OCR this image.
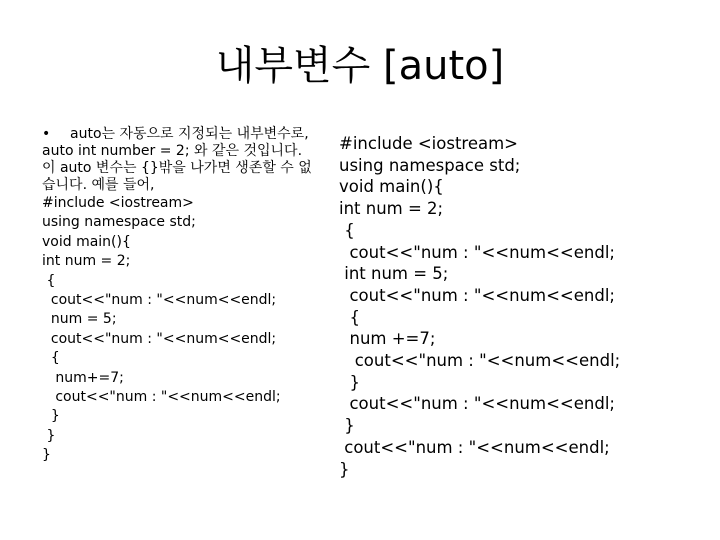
내부변수 [auto]
•	auto는 자동으로 지정되는 내부변수로,
auto int number = 2; 와 같은 것입니다.
이 auto 변수는 {}밖을 나가면 생존할 수 없습니다. 예를 들어,
#include <iostream>
using namespace std;
void main(){
int num = 2;
{
cout<<"num : "<<num<<endl;
num = 5;
cout<<"num : "<<num<<endl;
{
num+=7;
cout<<"num : "<<num<<endl;
}
}
}
#include <iostream>
using namespace std;
void main(){
int num = 2;
{
cout<<"num : "<<num<<endl;
int num = 5;
cout<<"num : "<<num<<endl;
{
num +=7;
cout<<"num : "<<num<<endl;
}
cout<<"num : "<<num<<endl;
}
cout<<"num : "<<num<<endl;
}
